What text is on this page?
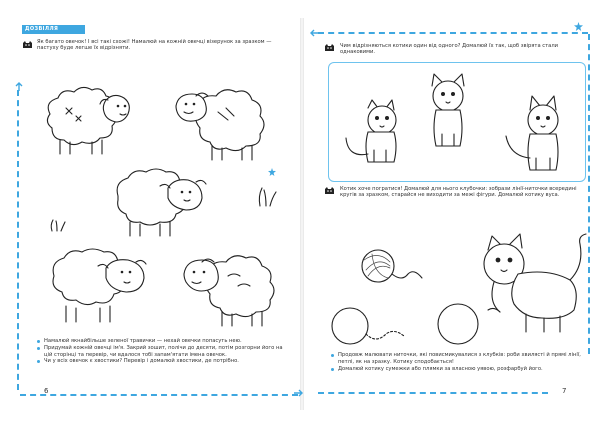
ДОЗВІЛЛЯ МАЛЮВАННЯ
Як багато овечок! І всі такі схожі! Намалюй на кожній овечці візерунок за зразком — пастуху буде легше їх відрізняти.
Намалюй якнайбільше зеленої травички — нехай овечки попасуть нею.
Придумай кожній овечці ім'я. Закрий зошит, полічи до десяти, потім розгорни його на цій сторінці та перевір, чи вдалося тобі запам'ятати імена овечок.
Чи у всіх овечок є хвостики? Перевір і домалюй хвостики, де потрібно.
6
Чим відрізняються котики один від одного? Домалюй їх так, щоб звірята стали однаковими.
Котик хоче погратися! Домалюй для нього клубочки: зобрази лінії-ниточки всередині кругів за зразком, старайся не виходити за межі фігури. Домалюй котику вуса.
Продовж малювати ниточки, які повисмикувалися з клубків: роби хвилясті й прямі лінії, петлі, як на зразку. Котику сподобається!
Домалюй котику сумежки або плямки за власною уявою, розфарбуй його.
7
